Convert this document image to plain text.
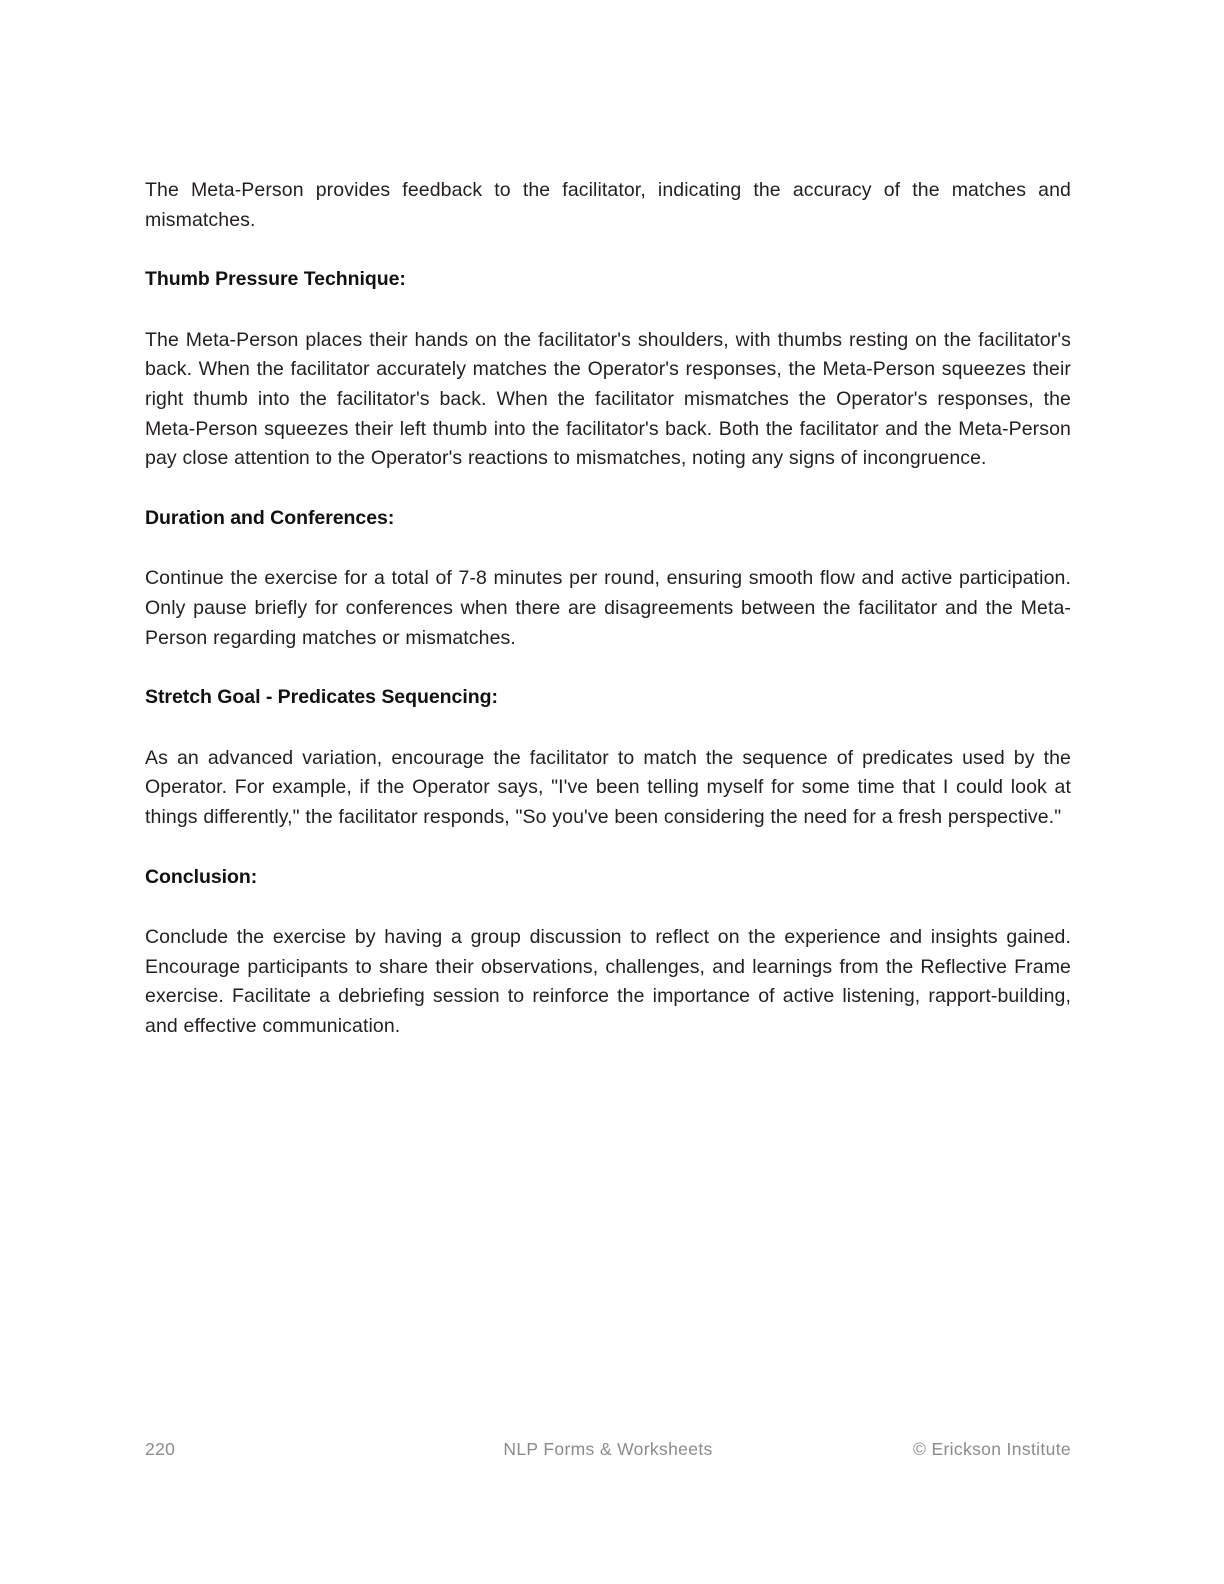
The Meta-Person provides feedback to the facilitator, indicating the accuracy of the matches and mismatches.

Thumb Pressure Technique:

The Meta-Person places their hands on the facilitator's shoulders, with thumbs resting on the facilitator's back. When the facilitator accurately matches the Operator's responses, the Meta-Person squeezes their right thumb into the facilitator's back. When the facilitator mismatches the Operator's responses, the Meta-Person squeezes their left thumb into the facilitator's back. Both the facilitator and the Meta-Person pay close attention to the Operator's reactions to mismatches, noting any signs of incongruence.

Duration and Conferences:

Continue the exercise for a total of 7-8 minutes per round, ensuring smooth flow and active participation. Only pause briefly for conferences when there are disagreements between the facilitator and the Meta-Person regarding matches or mismatches.

Stretch Goal - Predicates Sequencing:

As an advanced variation, encourage the facilitator to match the sequence of predicates used by the Operator. For example, if the Operator says, "I've been telling myself for some time that I could look at things differently," the facilitator responds, "So you've been considering the need for a fresh perspective."

Conclusion:

Conclude the exercise by having a group discussion to reflect on the experience and insights gained. Encourage participants to share their observations, challenges, and learnings from the Reflective Frame exercise. Facilitate a debriefing session to reinforce the importance of active listening, rapport-building, and effective communication.

220	NLP Forms & Worksheets	© Erickson Institute
